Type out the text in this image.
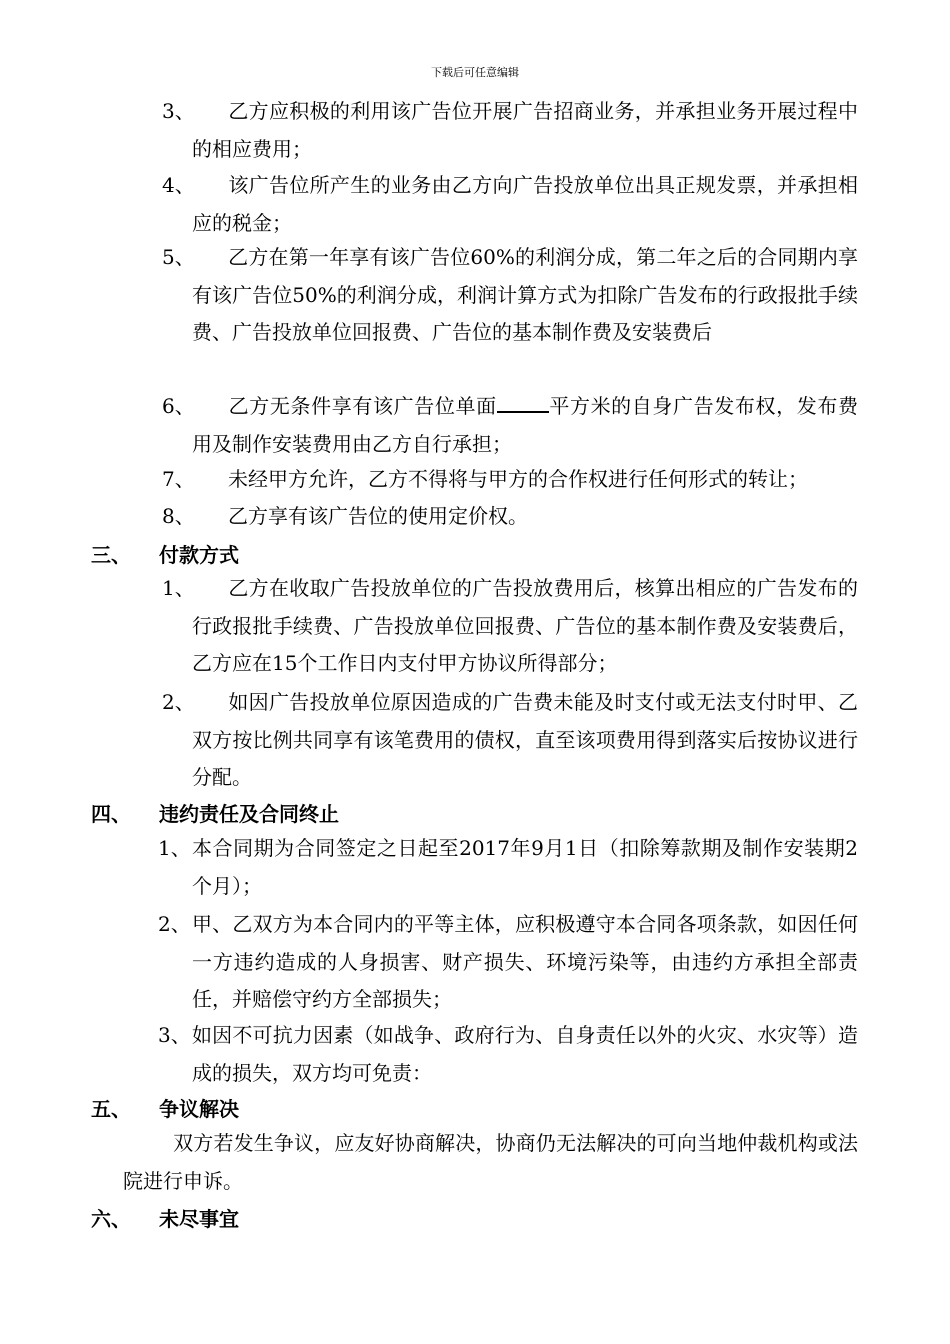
下载后可任意编辑
3、	乙方应积极的利用该广告位开展广告招商业务，并承担业务开展过程中的相应费用；
4、	该广告位所产生的业务由乙方向广告投放单位出具正规发票，并承担相应的税金；
5、	乙方在第一年享有该广告位60%的利润分成，第二年之后的合同期内享有该广告位50%的利润分成，利润计算方式为扣除广告发布的行政报批手续费、广告投放单位回报费、广告位的基本制作费及安装费后
6、	乙方无条件享有该广告位单面	平方米的自身广告发布权，发布费用及制作安装费用由乙方自行承担；
7、	未经甲方允许，乙方不得将与甲方的合作权进行任何形式的转让；
8、	乙方享有该广告位的使用定价权。
三、 付款方式
1、	乙方在收取广告投放单位的广告投放费用后，核算出相应的广告发布的行政报批手续费、广告投放单位回报费、广告位的基本制作费及安装费后，乙方应在15个工作日内支付甲方协议所得部分；
2、	如因广告投放单位原因造成的广告费未能及时支付或无法支付时甲、乙双方按比例共同享有该笔费用的债权，直至该项费用得到落实后按协议进行分配。
四、 违约责任及合同终止
1、 本合同期为合同签定之日起至2017年9月1日（扣除筹款期及制作安装期2个月）；
2、 甲、乙双方为本合同内的平等主体，应积极遵守本合同各项条款，如因任何一方违约造成的人身损害、财产损失、环境污染等，由违约方承担全部责任，并赔偿守约方全部损失；
3、 如因不可抗力因素（如战争、政府行为、自身责任以外的火灾、水灾等）造成的损失，双方均可免责：
五、 争议解决
双方若发生争议，应友好协商解决，协商仍无法解决的可向当地仲裁机构或法院进行申诉。
六、 未尽事宜
